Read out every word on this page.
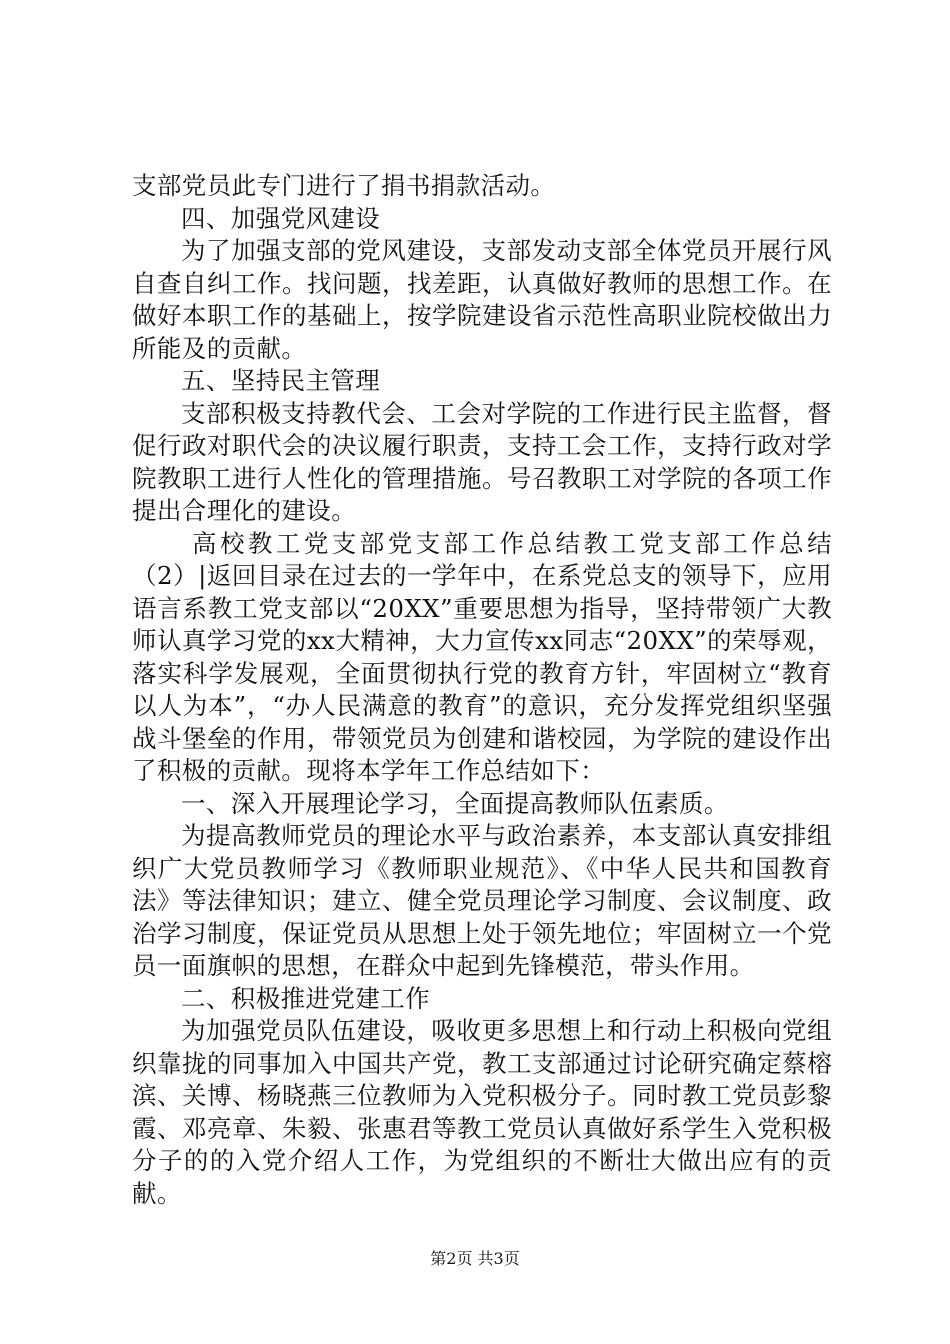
支部党员此专门进行了捐书捐款活动。

四、加强党风建设

为了加强支部的党风建设，支部发动支部全体党员开展行风自查自纠工作。找问题，找差距，认真做好教师的思想工作。在做好本职工作的基础上，按学院建设省示范性高职业院校做出力所能及的贡献。

五、坚持民主管理

支部积极支持教代会、工会对学院的工作进行民主监督，督促行政对职代会的决议履行职责，支持工会工作，支持行政对学院教职工进行人性化的管理措施。号召教职工对学院的各项工作提出合理化的建设。

高校教工党支部党支部工作总结教工党支部工作总结（2）|返回目录在过去的一学年中，在系党总支的领导下，应用语言系教工党支部以“20XX”重要思想为指导，坚持带领广大教师认真学习党的xx大精神，大力宣传xx同志“20XX”的荣辱观，落实科学发展观，全面贯彻执行党的教育方针，牢固树立“教育以人为本”，“办人民满意的教育”的意识，充分发挥党组织坚强战斗堡垒的作用，带领党员为创建和谐校园，为学院的建设作出了积极的贡献。现将本学年工作总结如下：

一、深入开展理论学习，全面提高教师队伍素质。

为提高教师党员的理论水平与政治素养，本支部认真安排组织广大党员教师学习《教师职业规范》、《中华人民共和国教育法》等法律知识；建立、健全党员理论学习制度、会议制度、政治学习制度，保证党员从思想上处于领先地位；牢固树立一个党员一面旗帜的思想，在群众中起到先锋模范，带头作用。

二、积极推进党建工作

为加强党员队伍建设，吸收更多思想上和行动上积极向党组织靠拢的同事加入中国共产党，教工支部通过讨论研究确定蔡榕滨、关博、杨晓燕三位教师为入党积极分子。同时教工党员彭黎霞、邓亮章、朱毅、张惠君等教工党员认真做好系学生入党积极分子的的入党介绍人工作，为党组织的不断壮大做出应有的贡献。

第2页 共3页
